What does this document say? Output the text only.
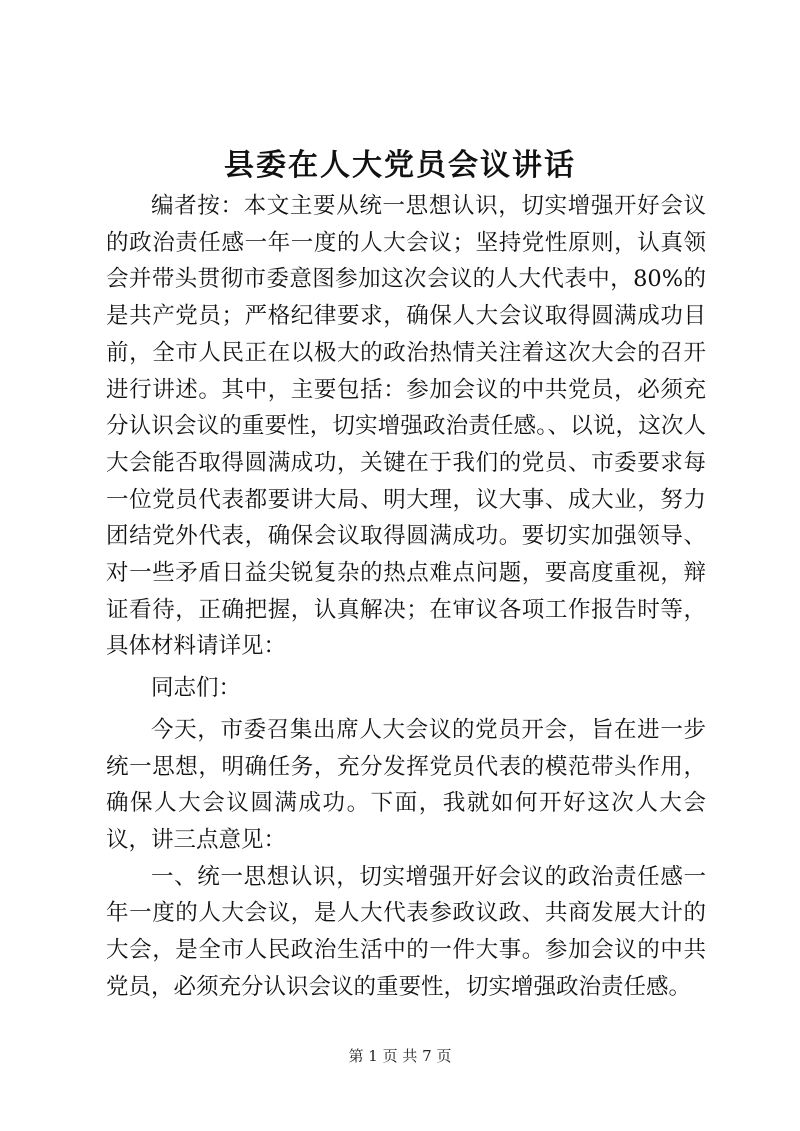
县委在人大党员会议讲话

编者按：本文主要从统一思想认识，切实增强开好会议的政治责任感一年一度的人大会议；坚持党性原则，认真领会并带头贯彻市委意图参加这次会议的人大代表中，80%的是共产党员；严格纪律要求，确保人大会议取得圆满成功目前，全市人民正在以极大的政治热情关注着这次大会的召开进行讲述。其中，主要包括：参加会议的中共党员，必须充分认识会议的重要性，切实增强政治责任感。、以说，这次人大会能否取得圆满成功，关键在于我们的党员、市委要求每一位党员代表都要讲大局、明大理，议大事、成大业，努力团结党外代表，确保会议取得圆满成功。要切实加强领导、对一些矛盾日益尖锐复杂的热点难点问题，要高度重视，辩证看待，正确把握，认真解决；在审议各项工作报告时等，具体材料请详见：

同志们：

今天，市委召集出席人大会议的党员开会，旨在进一步统一思想，明确任务，充分发挥党员代表的模范带头作用，确保人大会议圆满成功。下面，我就如何开好这次人大会议，讲三点意见：

一、统一思想认识，切实增强开好会议的政治责任感一年一度的人大会议，是人大代表参政议政、共商发展大计的大会，是全市人民政治生活中的一件大事。参加会议的中共党员，必须充分认识会议的重要性，切实增强政治责任感。

第 1 页 共 7 页
